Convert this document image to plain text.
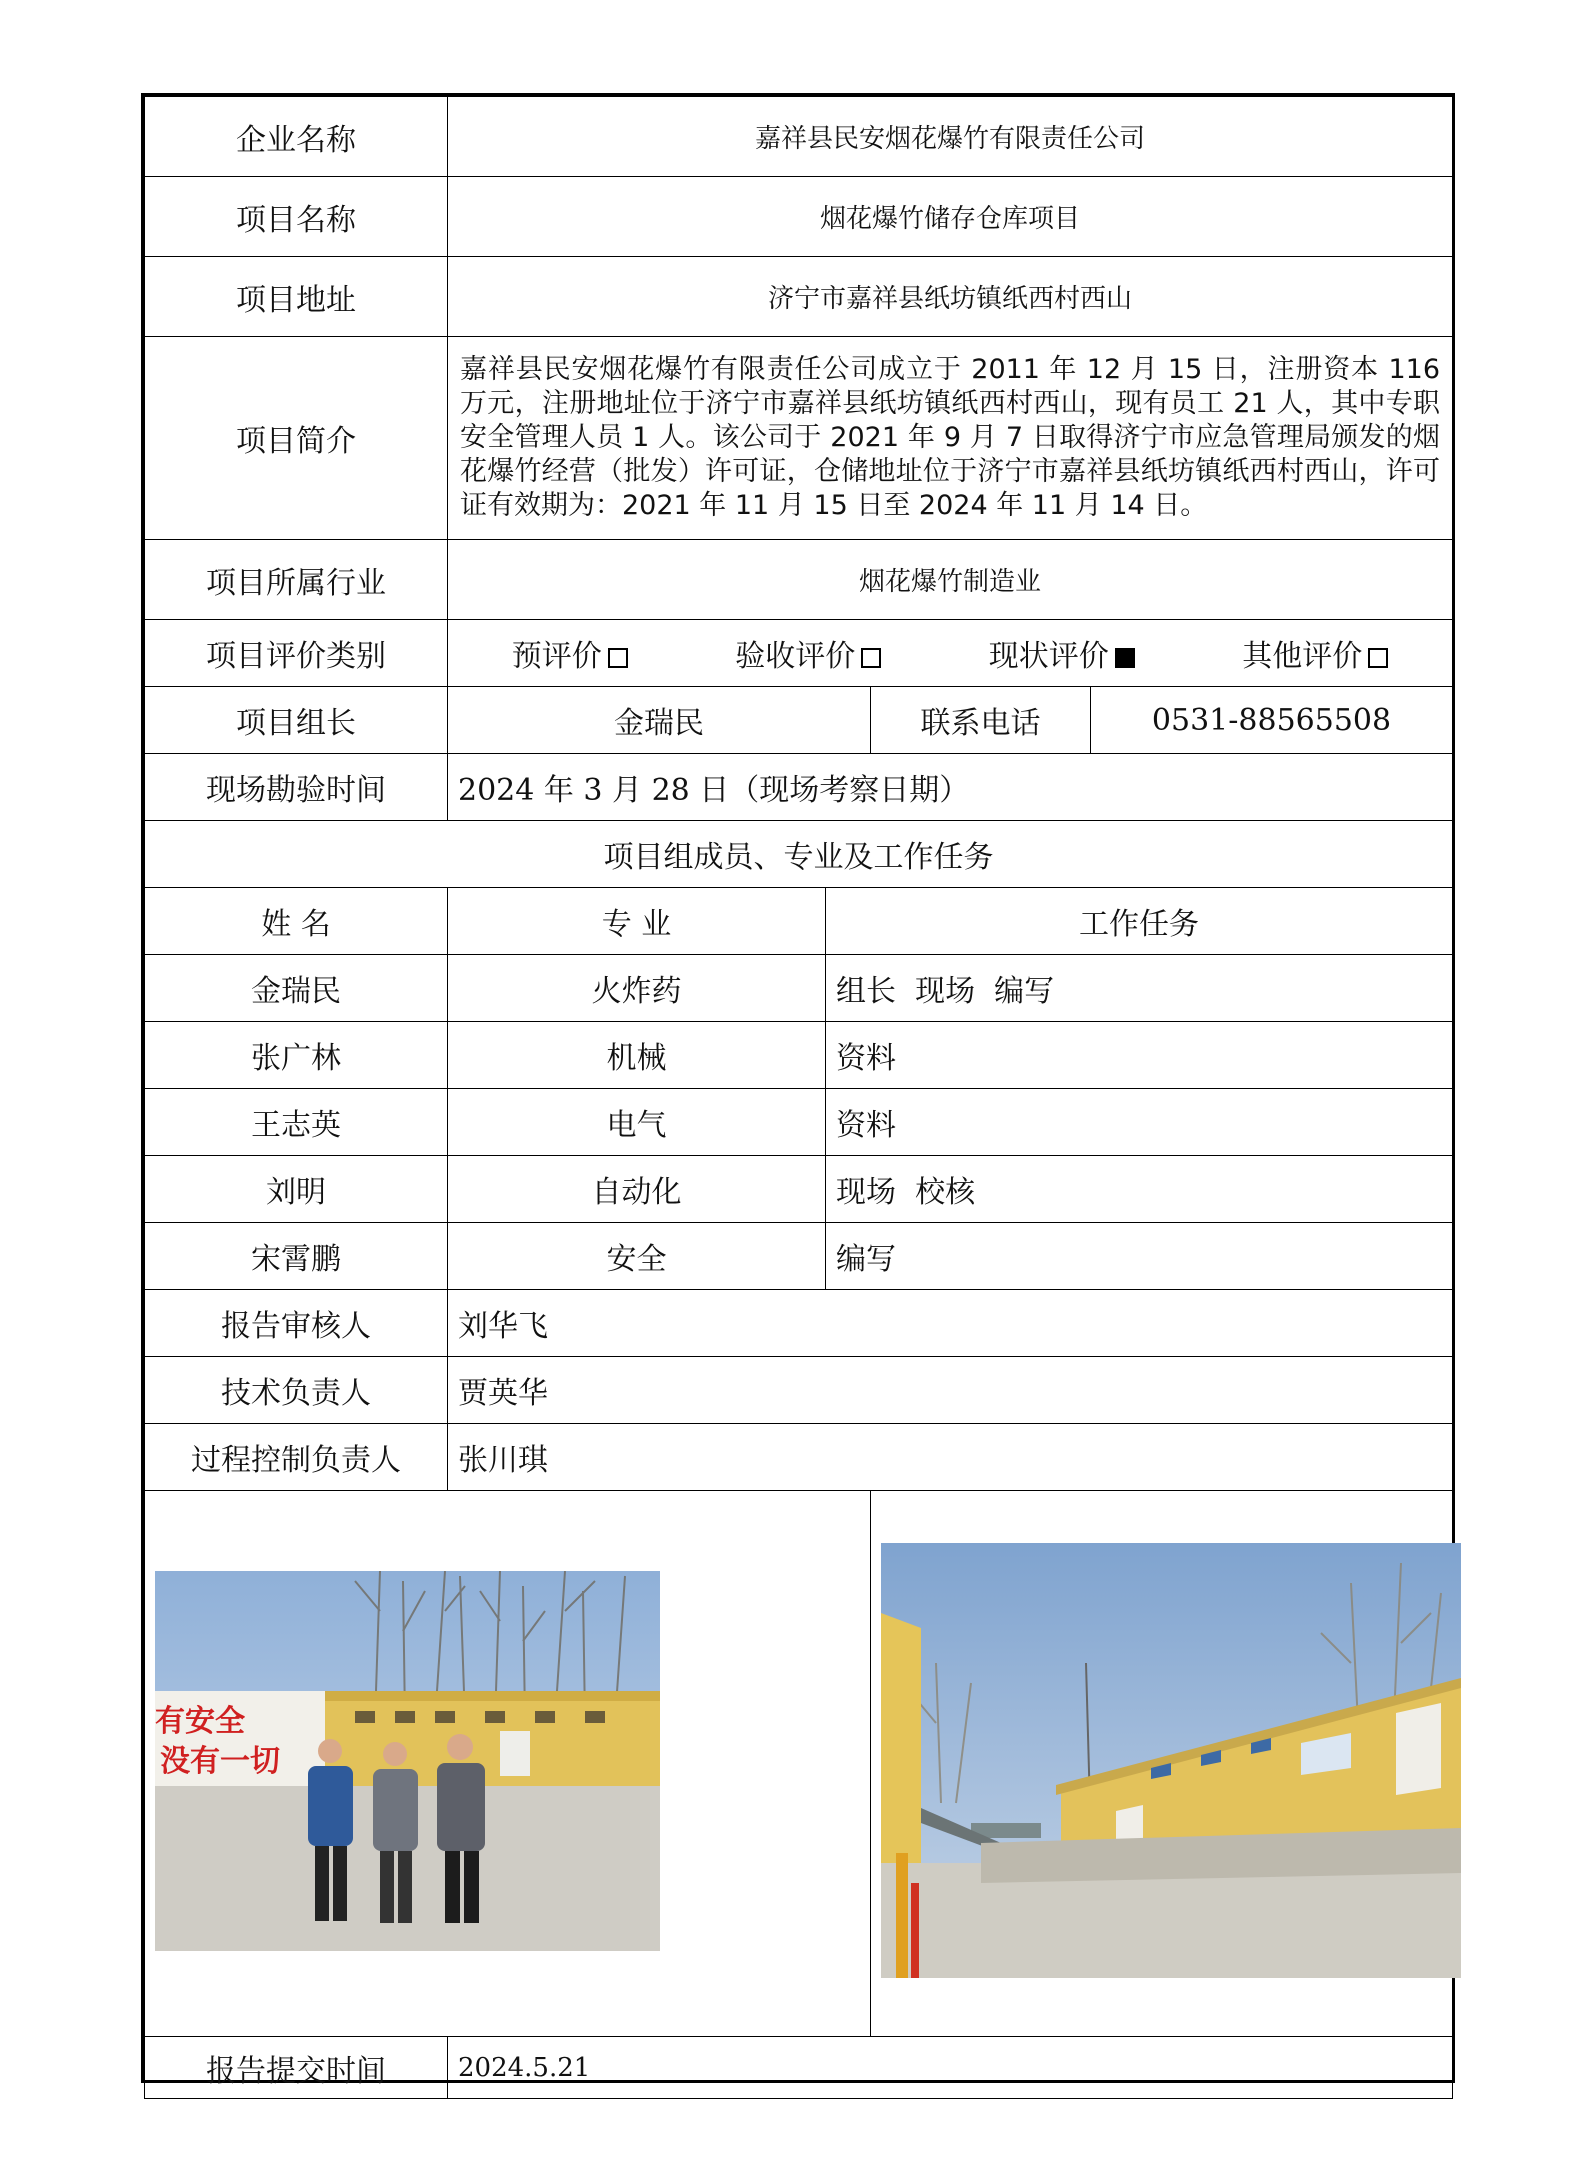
企业名称	嘉祥县民安烟花爆竹有限责任公司			
项目名称	烟花爆竹储存仓库项目			
项目地址	济宁市嘉祥县纸坊镇纸西村西山			
项目简介	嘉祥县民安烟花爆竹有限责任公司成立于 2011 年 12 月 15 日，注册资本 116 万元，注册地址位于济宁市嘉祥县纸坊镇纸西村西山，现有员工 21 人，其中专职安全管理人员 1 人。该公司于 2021 年 9 月 7 日取得济宁市应急管理局颁发的烟花爆竹经营（批发）许可证，仓储地址位于济宁市嘉祥县纸坊镇纸西村西山，许可证有效期为：2021 年 11 月 15 日至 2024 年 11 月 14 日。			
项目所属行业	烟花爆竹制造业			
项目评价类别	预评价 验收评价 现状评价 其他评价			

项目组长	金瑞民		联系电话	0531-88565508
现场勘验时间	2024 年 3 月 28 日（现场考察日期）			
项目组成员、专业及工作任务				
姓 名	专 业	工作任务		
金瑞民	火炸药	组长  现场  编写		
张广林	机械	资料		
王志英	电气	资料		
刘明	自动化	现场  校核		
宋霄鹏	安全	编写		
报告审核人	刘华飞			
技术负责人	贾英华			
过程控制负责人	张川琪			

有安全
没有一切

报告提交时间	2024.5.21			
